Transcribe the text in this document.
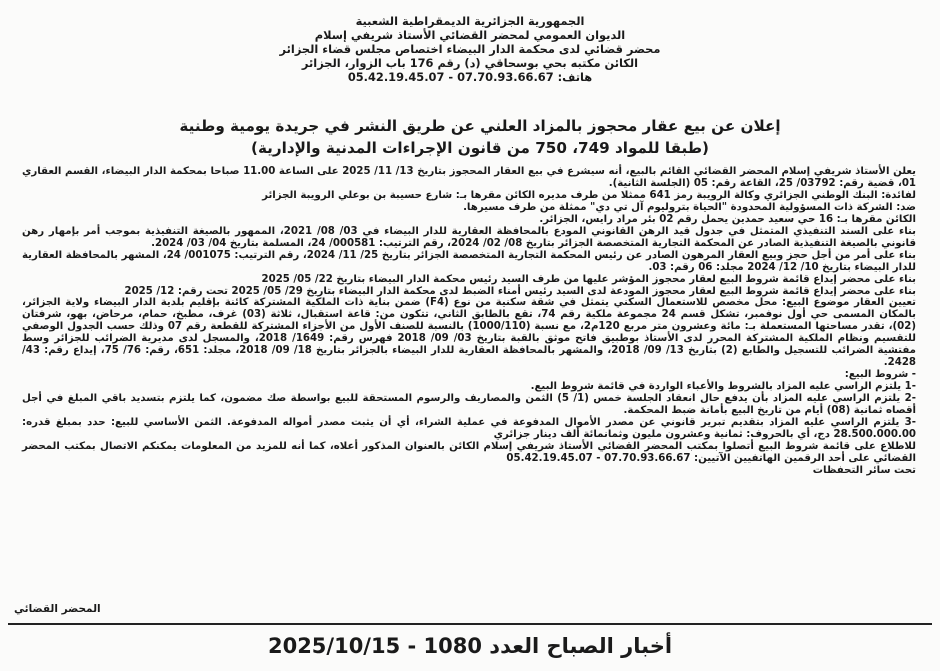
الجمهورية الجزائرية الديمقراطية الشعبية
الديوان العمومي لمحضر القضائي الأستاذ شريفي إسلام
محضر قضائي لدى محكمة الدار البيضاء اختصاص مجلس قضاء الجزائر
الكائن مكتبه بحي بوسحاقي (د) رقم 176 باب الزوار، الجزائر
هاتف: 07.70.93.66.67 - 05.42.19.45.07
إعلان عن بيع عقار محجوز بالمزاد العلني عن طريق النشر في جريدة يومية وطنية
(طبقا للمواد 749، 750 من قانون الإجراءات المدنية والإدارية)

يعلن الأستاذ شريفي إسلام المحضر القضائي القائم بالبيع، أنه سيشرع في بيع العقار المحجوز بتاريخ 13/ 11/ 2025 على الساعة 11.00 صباحا بمحكمة الدار البيضاء، القسم العقاري 01، قضية رقم: 03792/ 25، القاعة رقم: 05 (الجلسة الثانية).

لفائدة: البنك الوطني الجزائري وكالة الرويبة رمز 641 ممثلا من طرف مديره الكائن مقرها بـ: شارع حسيبة بن بوعلي الرويبة الجزائر

ضد: الشركة ذات المسؤولية المحدودة "الحياة بتروليوم آل تي دي" ممثلة من طرف مسيرها.

الكائن مقرها بـ: 16 حي سعيد حمدين يحمل رقم 02 بئر مراد رايس، الجزائر.

بناء على السند التنفيذي المتمثل في جدول قيد الرهن القانوني المودع بالمحافظة العقارية للدار البيضاء في 03/ 08/ 2021، الممهور بالصيغة التنفيذية بموجب أمر بإمهار رهن قانوني بالصيغة التنفيذية الصادر عن المحكمة التجارية المتخصصة الجزائر بتاريخ 08/ 02/ 2024، رقم الترتيب: 000581/ 24، المسلمة بتاريخ 04/ 03/ 2024.

بناء على أمر من أجل حجز وبيع العقار المرهون الصادر عن رئيس المحكمة التجارية المتخصصة الجزائر بتاريخ 25/ 11/ 2024، رقم الترتيب: 001075/ 24، المشهر بالمحافظة العقارية للدار البيضاء بتاريخ 10/ 12/ 2024 مجلد: 06 رقم: 03.

بناء على محضر إيداع قائمة شروط البيع لعقار محجوز المؤشر عليها من طرف السيد رئيس محكمة الدار البيضاء بتاريخ 22/ 05/ 2025

بناء على محضر إيداع قائمة شروط البيع لعقار محجوز المودعة لدى السيد رئيس أمناء الضبط لدى محكمة الدار البيضاء بتاريخ 29/ 05/ 2025 تحت رقم: 12/ 2025

تعيين العقار موضوع البيع: محل مخصص للاستعمال السكني يتمثل في شقة سكنية من نوع (F4) ضمن بناية ذات الملكية المشتركة كائنة بإقليم بلدية الدار البيضاء ولاية الجزائر، بالمكان المسمى حي أول نوفمبر، تشكل قسم 24 مجموعة ملكية رقم 74، تقع بالطابق الثاني، تتكون من: قاعة استقبال، ثلاثة (03) غرف، مطبخ، حمام، مرحاض، بهو، شرفتان (02)، تقدر مساحتها المستعملة بـ: مائة وعشرون متر مربع 120م2، مع نسبة (1000/110) بالنسبة للصنف الأول من الأجزاء المشتركة للقطعة رقم 07 وذلك حسب الجدول الوصفي للتقسيم ونظام الملكية المشتركة المحرر لدى الأستاذ بوطبيق فاتح موثق بالقبة بتاريخ 03/ 09/ 2018 فهرس رقم: 1649/ 2018، والمسجل لدى مديرية الضرائب للجزائر وسط مفتشية الضرائب للتسجيل والطابع (2) بتاريخ 13/ 09/ 2018، والمشهر بالمحافظة العقارية للدار البيضاء بالجزائر بتاريخ 18/ 09/ 2018، مجلد: 651، رقم: 76/ 75، إيداع رقم: 43/ 2428.

- شروط البيع:

-1 يلتزم الراسي عليه المزاد بالشروط والأعباء الواردة في قائمة شروط البيع.

-2 يلتزم الراسي عليه المزاد بأن يدفع حال انعقاد الجلسة خمس (1/ 5) الثمن والمصاريف والرسوم المستحقة للبيع بواسطة صك مضمون، كما يلتزم بتسديد باقي المبلغ في أجل أقصاه ثمانية (08) أيام من تاريخ البيع بأمانة ضبط المحكمة.

-3 يلتزم الراسي عليه المزاد بتقديم تبرير قانوني عن مصدر الأموال المدفوعة في عملية الشراء، أي أن يثبت مصدر أمواله المدفوعة. الثمن الأساسي للبيع: حدد بمبلغ قدره: 28.500.000.00 دج، أي بالحروف: ثمانية وعشرون مليون وثمانمائة ألف دينار جزائري

للاطلاع على قائمة شروط البيع أتصلوا بمكتب المحضر القضائي الأستاذ شريفي إسلام الكائن بالعنوان المذكور أعلاه، كما أنه للمزيد من المعلومات يمكنكم الاتصال بمكتب المحضر القضائي على أحد الرقمين الهاتفيين الآتيين: 07.70.93.66.67 - 05.42.19.45.07

تحت سائر التحفظات

المحضر القضائي
أخبار الصباح العدد 1080 - 2025/10/15
